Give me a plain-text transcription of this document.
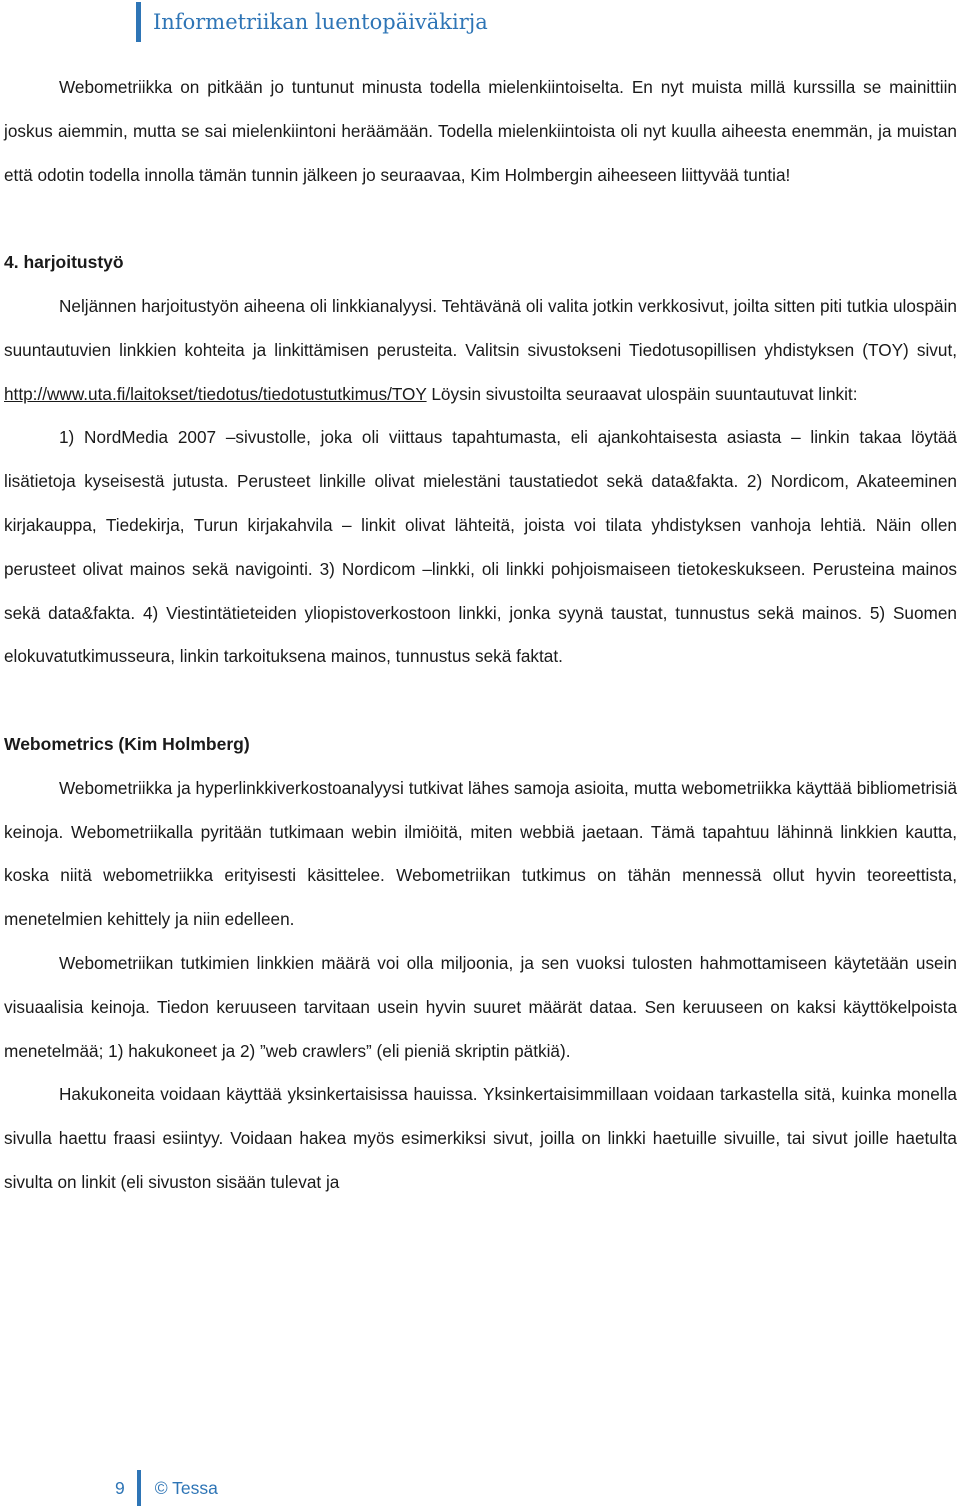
Informetriikan luentopäiväkirja

Webometriikka on pitkään jo tuntunut minusta todella mielenkiintoiselta. En nyt muista millä kurssilla se mainittiin joskus aiemmin, mutta se sai mielenkiintoni heräämään. Todella mielenkiintoista oli nyt kuulla aiheesta enemmän, ja muistan että odotin todella innolla tämän tunnin jälkeen jo seuraavaa, Kim Holmbergin aiheeseen liittyvää tuntia!

4. harjoitustyö

Neljännen harjoitustyön aiheena oli linkkianalyysi. Tehtävänä oli valita jotkin verkkosivut, joilta sitten piti tutkia ulospäin suuntautuvien linkkien kohteita ja linkittämisen perusteita. Valitsin sivustokseni Tiedotusopillisen yhdistyksen (TOY) sivut, http://www.uta.fi/laitokset/tiedotus/tiedotustutkimus/TOY Löysin sivustoilta seuraavat ulospäin suuntautuvat linkit:

1) NordMedia 2007 –sivustolle, joka oli viittaus tapahtumasta, eli ajankohtaisesta asiasta – linkin takaa löytää lisätietoja kyseisestä jutusta. Perusteet linkille olivat mielestäni taustatiedot sekä data&fakta. 2) Nordicom, Akateeminen kirjakauppa, Tiedekirja, Turun kirjakahvila – linkit olivat lähteitä, joista voi tilata yhdistyksen vanhoja lehtiä. Näin ollen perusteet olivat mainos sekä navigointi. 3) Nordicom –linkki, oli linkki pohjoismaiseen tietokeskukseen. Perusteina mainos sekä data&fakta. 4) Viestintätieteiden yliopistoverkostoon linkki, jonka syynä taustat, tunnustus sekä mainos. 5) Suomen elokuvatutkimusseura, linkin tarkoituksena mainos, tunnustus sekä faktat.

Webometrics (Kim Holmberg)

Webometriikka ja hyperlinkkiverkostoanalyysi tutkivat lähes samoja asioita, mutta webometriikka käyttää bibliometrisiä keinoja. Webometriikalla pyritään tutkimaan webin ilmiöitä, miten webbiä jaetaan. Tämä tapahtuu lähinnä linkkien kautta, koska niitä webometriikka erityisesti käsittelee. Webometriikan tutkimus on tähän mennessä ollut hyvin teoreettista, menetelmien kehittely ja niin edelleen.

Webometriikan tutkimien linkkien määrä voi olla miljoonia, ja sen vuoksi tulosten hahmottamiseen käytetään usein visuaalisia keinoja. Tiedon keruuseen tarvitaan usein hyvin suuret määrät dataa. Sen keruuseen on kaksi käyttökelpoista menetelmää; 1) hakukoneet ja 2) ”web crawlers” (eli pieniä skriptin pätkiä).

Hakukoneita voidaan käyttää yksinkertaisissa hauissa. Yksinkertaisimmillaan voidaan tarkastella sitä, kuinka monella sivulla haettu fraasi esiintyy. Voidaan hakea myös esimerkiksi sivut, joilla on linkki haetuille sivuille, tai sivut joille haetulta sivulta on linkit (eli sivuston sisään tulevat ja

9 © Tessa
